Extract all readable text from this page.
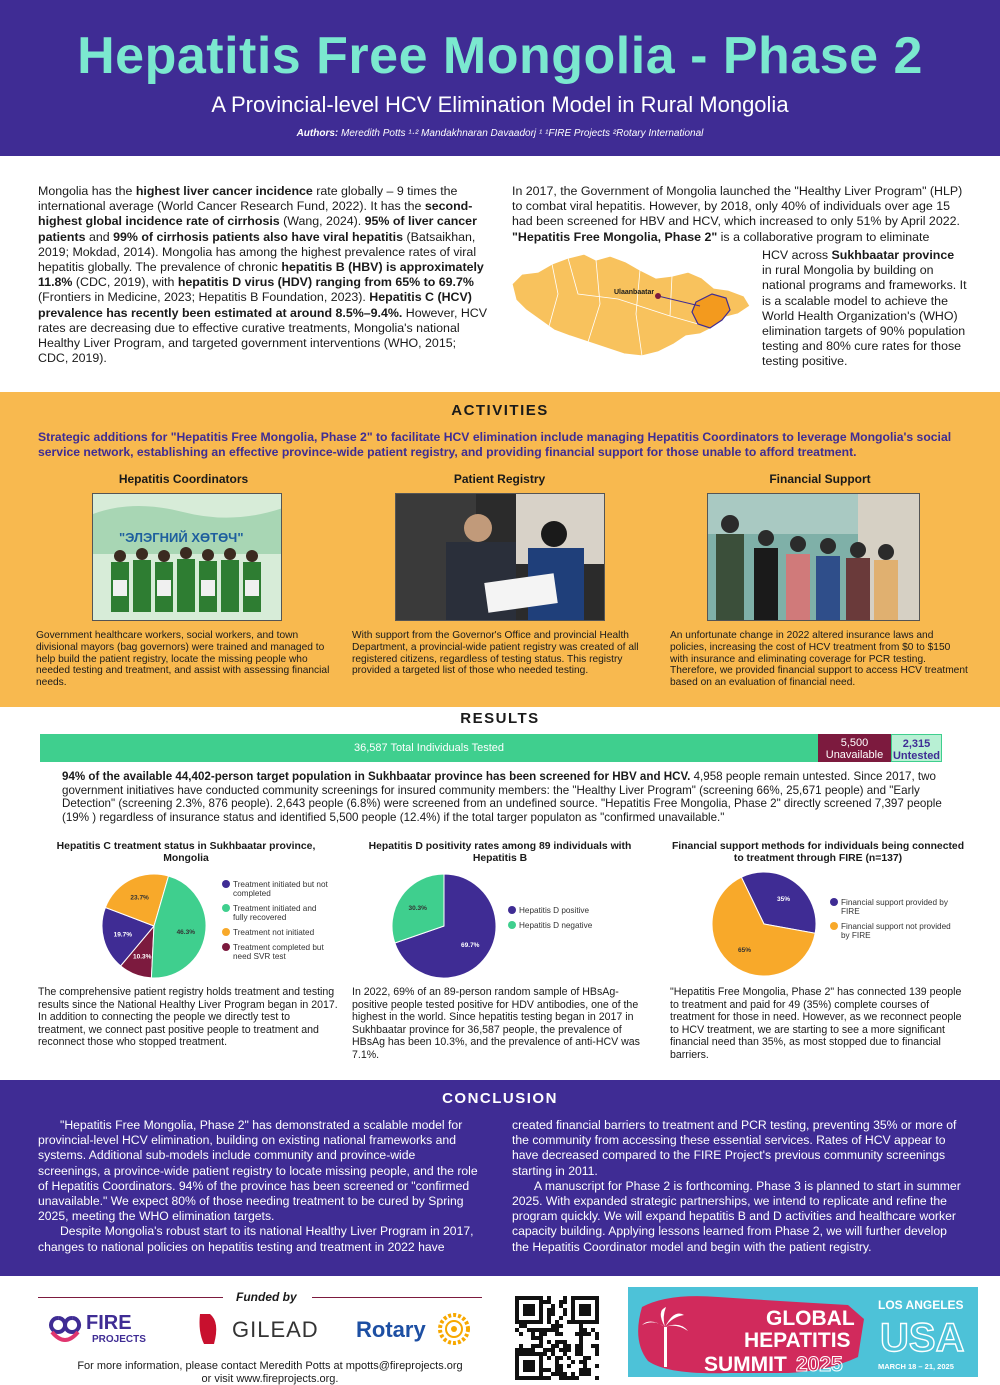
Hepatitis Free Mongolia - Phase 2
A Provincial-level HCV Elimination Model in Rural Mongolia
Authors: Meredith Potts ¹·² Mandakhnaran Davaadorj ¹ ¹FIRE Projects ²Rotary International
Mongolia has the highest liver cancer incidence rate globally – 9 times the international average (World Cancer Research Fund, 2022). It has the second-highest global incidence rate of cirrhosis (Wang, 2024). 95% of liver cancer patients and 99% of cirrhosis patients also have viral hepatitis (Batsaikhan, 2019; Mokdad, 2014). Mongolia has among the highest prevalence rates of viral hepatitis globally. The prevalence of chronic hepatitis B (HBV) is approximately 11.8% (CDC, 2019), with hepatitis D virus (HDV) ranging from 65% to 69.7% (Frontiers in Medicine, 2023; Hepatitis B Foundation, 2023). Hepatitis C (HCV) prevalence has recently been estimated at around 8.5%–9.4%. However, HCV rates are decreasing due to effective curative treatments, Mongolia's national Healthy Liver Program, and targeted government interventions (WHO, 2015; CDC, 2019).
In 2017, the Government of Mongolia launched the "Healthy Liver Program" (HLP) to combat viral hepatitis. However, by 2018, only 40% of individuals over age 15 had been screened for HBV and HCV, which increased to only 51% by April 2022. "Hepatitis Free Mongolia, Phase 2" is a collaborative program to eliminate
HCV across Sukhbaatar province in rural Mongolia by building on national programs and frameworks. It is a scalable model to achieve the World Health Organization's (WHO) elimination targets of 90% population testing and 80% cure rates for those testing positive.
Ulaanbaatar
ACTIVITIES
Strategic additions for "Hepatitis Free Mongolia, Phase 2" to facilitate HCV elimination include managing Hepatitis Coordinators to leverage Mongolia's social service network, establishing an effective province-wide patient registry, and providing financial support for those unable to afford treatment.
Hepatitis Coordinators	Patient Registry	Financial Support
"ЭЛЭГНИЙ ХӨТӨЧ"
Government healthcare workers, social workers, and town divisional mayors (bag governors) were trained and managed to help build the patient registry, locate the missing people who needed testing and treatment, and assist with assessing financial needs.
With support from the Governor's Office and provincial Health Department, a provincial-wide patient registry was created of all registered citizens, regardless of testing status. This registry provided a targeted list of those who needed testing.
An unfortunate change in 2022 altered insurance laws and policies, increasing the cost of HCV treatment from $0 to $150 with insurance and eliminating coverage for PCR testing. Therefore, we provided financial support to access HCV treatment based on an evaluation of financial need.
RESULTS
36,587 Total Individuals Tested	5,500
Unavailable
2,315
Untested
94% of the available 44,402-person target population in Sukhbaatar province has been screened for HBV and HCV. 4,958 people remain untested. Since 2017, two government initiatives have conducted community screenings for insured community members: the "Healthy Liver Program" (screening 66%, 25,671 people) and "Early Detection" (screening 2.3%, 876 people). 2,643 people (6.8%) were screened from an undefined source. "Hepatitis Free Mongolia, Phase 2" directly screened 7,397 people (19% ) regardless of insurance status and identified 5,500 people (12.4%) if the total targer populaton as "confirmed unavailable."
Hepatitis C treatment status in Sukhbaatar province, Mongolia
Hepatitis D positivity rates among 89 individuals with Hepatitis B
Financial support methods for individuals being connected to treatment through FIRE (n=137)
10.3%
19.7%
23.7%
46.3%
69.7%
30.3%
35%
65%
Treatment initiated but not completed
Treatment initiated and fully recovered
Treatment not initiated
Treatment completed but need SVR test
Hepatitis D positive
Hepatitis D negative
Financial support provided by FIRE
Financial support not provided by FIRE
The comprehensive patient registry holds treatment and testing results since the National Healthy Liver Program began in 2017. In addition to connecting the people we directly test to treatment, we connect past positive people to treatment and reconnect those who stopped treatment.
In 2022, 69% of an 89-person random sample of HBsAg-positive people tested positive for HDV antibodies, one of the highest in the world. Since hepatitis testing began in 2017 in Sukhbaatar province for 36,587 people, the prevalence of HBsAg has been 10.3%, and the prevalence of anti-HCV was 7.1%.
"Hepatitis Free Mongolia, Phase 2" has connected 139 people to treatment and paid for 49 (35%) complete courses of treatment for those in need. However, as we reconnect people to HCV treatment, we are starting to see a more significant financial need than 35%, as most stopped due to financial barriers.
CONCLUSION

"Hepatitis Free Mongolia, Phase 2" has demonstrated a scalable model for provincial-level HCV elimination, building on existing national frameworks and systems. Additional sub-models include community and province-wide screenings, a province-wide patient registry to locate missing people, and the role of Hepatitis Coordinators. 94% of the province has been screened or "confirmed unavailable." We expect 80% of those needing treatment to be cured by Spring 2025, meeting the WHO elimination targets.

Despite Mongolia's robust start to its national Healthy Liver Program in 2017, changes to national policies on hepatitis testing and treatment in 2022 have

created financial barriers to treatment and PCR testing, preventing 35% or more of the community from accessing these essential services. Rates of HCV appear to have decreased compared to the FIRE Project's previous community screenings starting in 2011.

A manuscript for Phase 2 is forthcoming. Phase 3 is planned to start in summer 2025. With expanded strategic partnerships, we intend to replicate and refine the program quickly. We will expand hepatitis B and D activities and healthcare worker capacity building. Applying lessons learned from Phase 2, we will further develop the Hepatitis Coordinator model and begin with the patient registry.

Funded by
FIRE
PROJECTS	GILEAD Rotary
For more information, please contact Meredith Potts at mpotts@fireprojects.org
or visit www.fireprojects.org.
GLOBAL
HEPATITIS
SUMMIT 2025
LOS ANGELES
USA
MARCH 18 – 21, 2025
